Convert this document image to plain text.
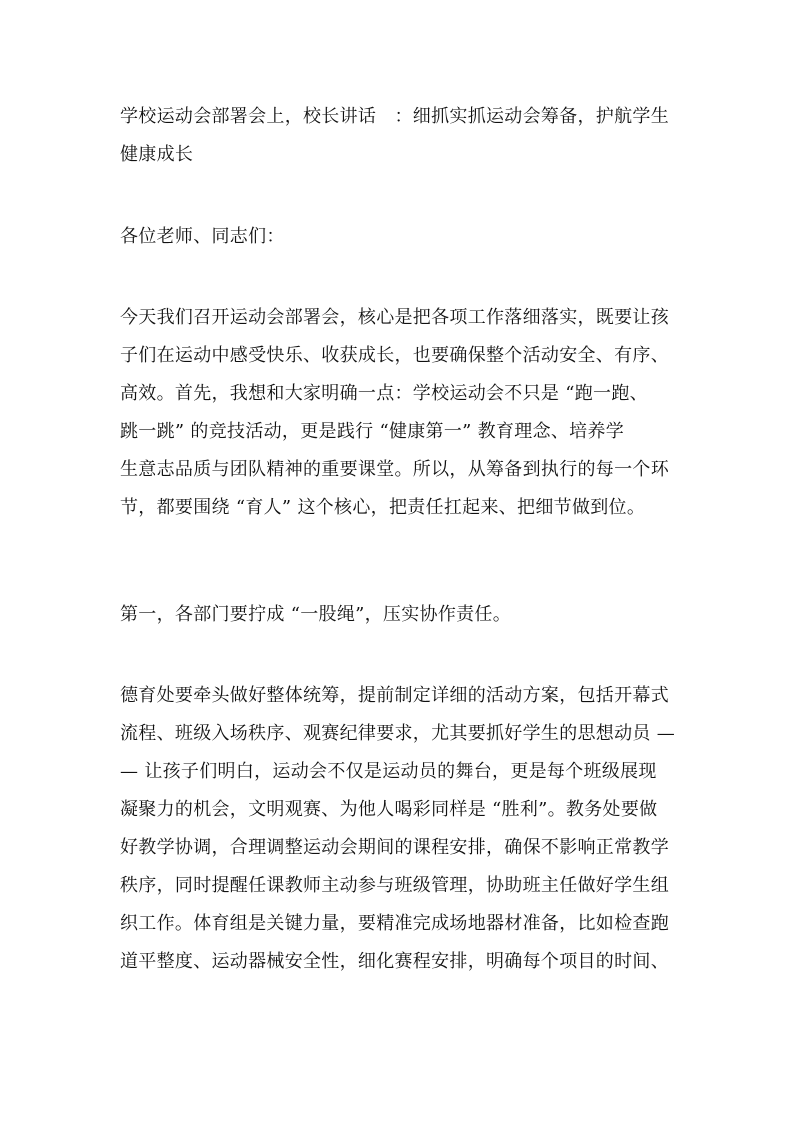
学校运动会部署会上，校长讲话　：细抓实抓运动会筹备，护航学生
健康成长
各位老师、同志们：
今天我们召开运动会部署会，核心是把各项工作落细落实，既要让孩
子们在运动中感受快乐、收获成长，也要确保整个活动安全、有序、
高效。首先，我想和大家明确一点：学校运动会不只是 “跑一跑、
跳一跳” 的竞技活动，更是践行 “健康第一” 教育理念、培养学
生意志品质与团队精神的重要课堂。所以，从筹备到执行的每一个环
节，都要围绕 “育人” 这个核心，把责任扛起来、把细节做到位。
第一，各部门要拧成 “一股绳”，压实协作责任。
德育处要牵头做好整体统筹，提前制定详细的活动方案，包括开幕式
流程、班级入场秩序、观赛纪律要求，尤其要抓好学生的思想动员 —
— 让孩子们明白，运动会不仅是运动员的舞台，更是每个班级展现
凝聚力的机会，文明观赛、为他人喝彩同样是 “胜利”。教务处要做
好教学协调，合理调整运动会期间的课程安排，确保不影响正常教学
秩序，同时提醒任课教师主动参与班级管理，协助班主任做好学生组
织工作。体育组是关键力量，要精准完成场地器材准备，比如检查跑
道平整度、运动器械安全性，细化赛程安排，明确每个项目的时间、
